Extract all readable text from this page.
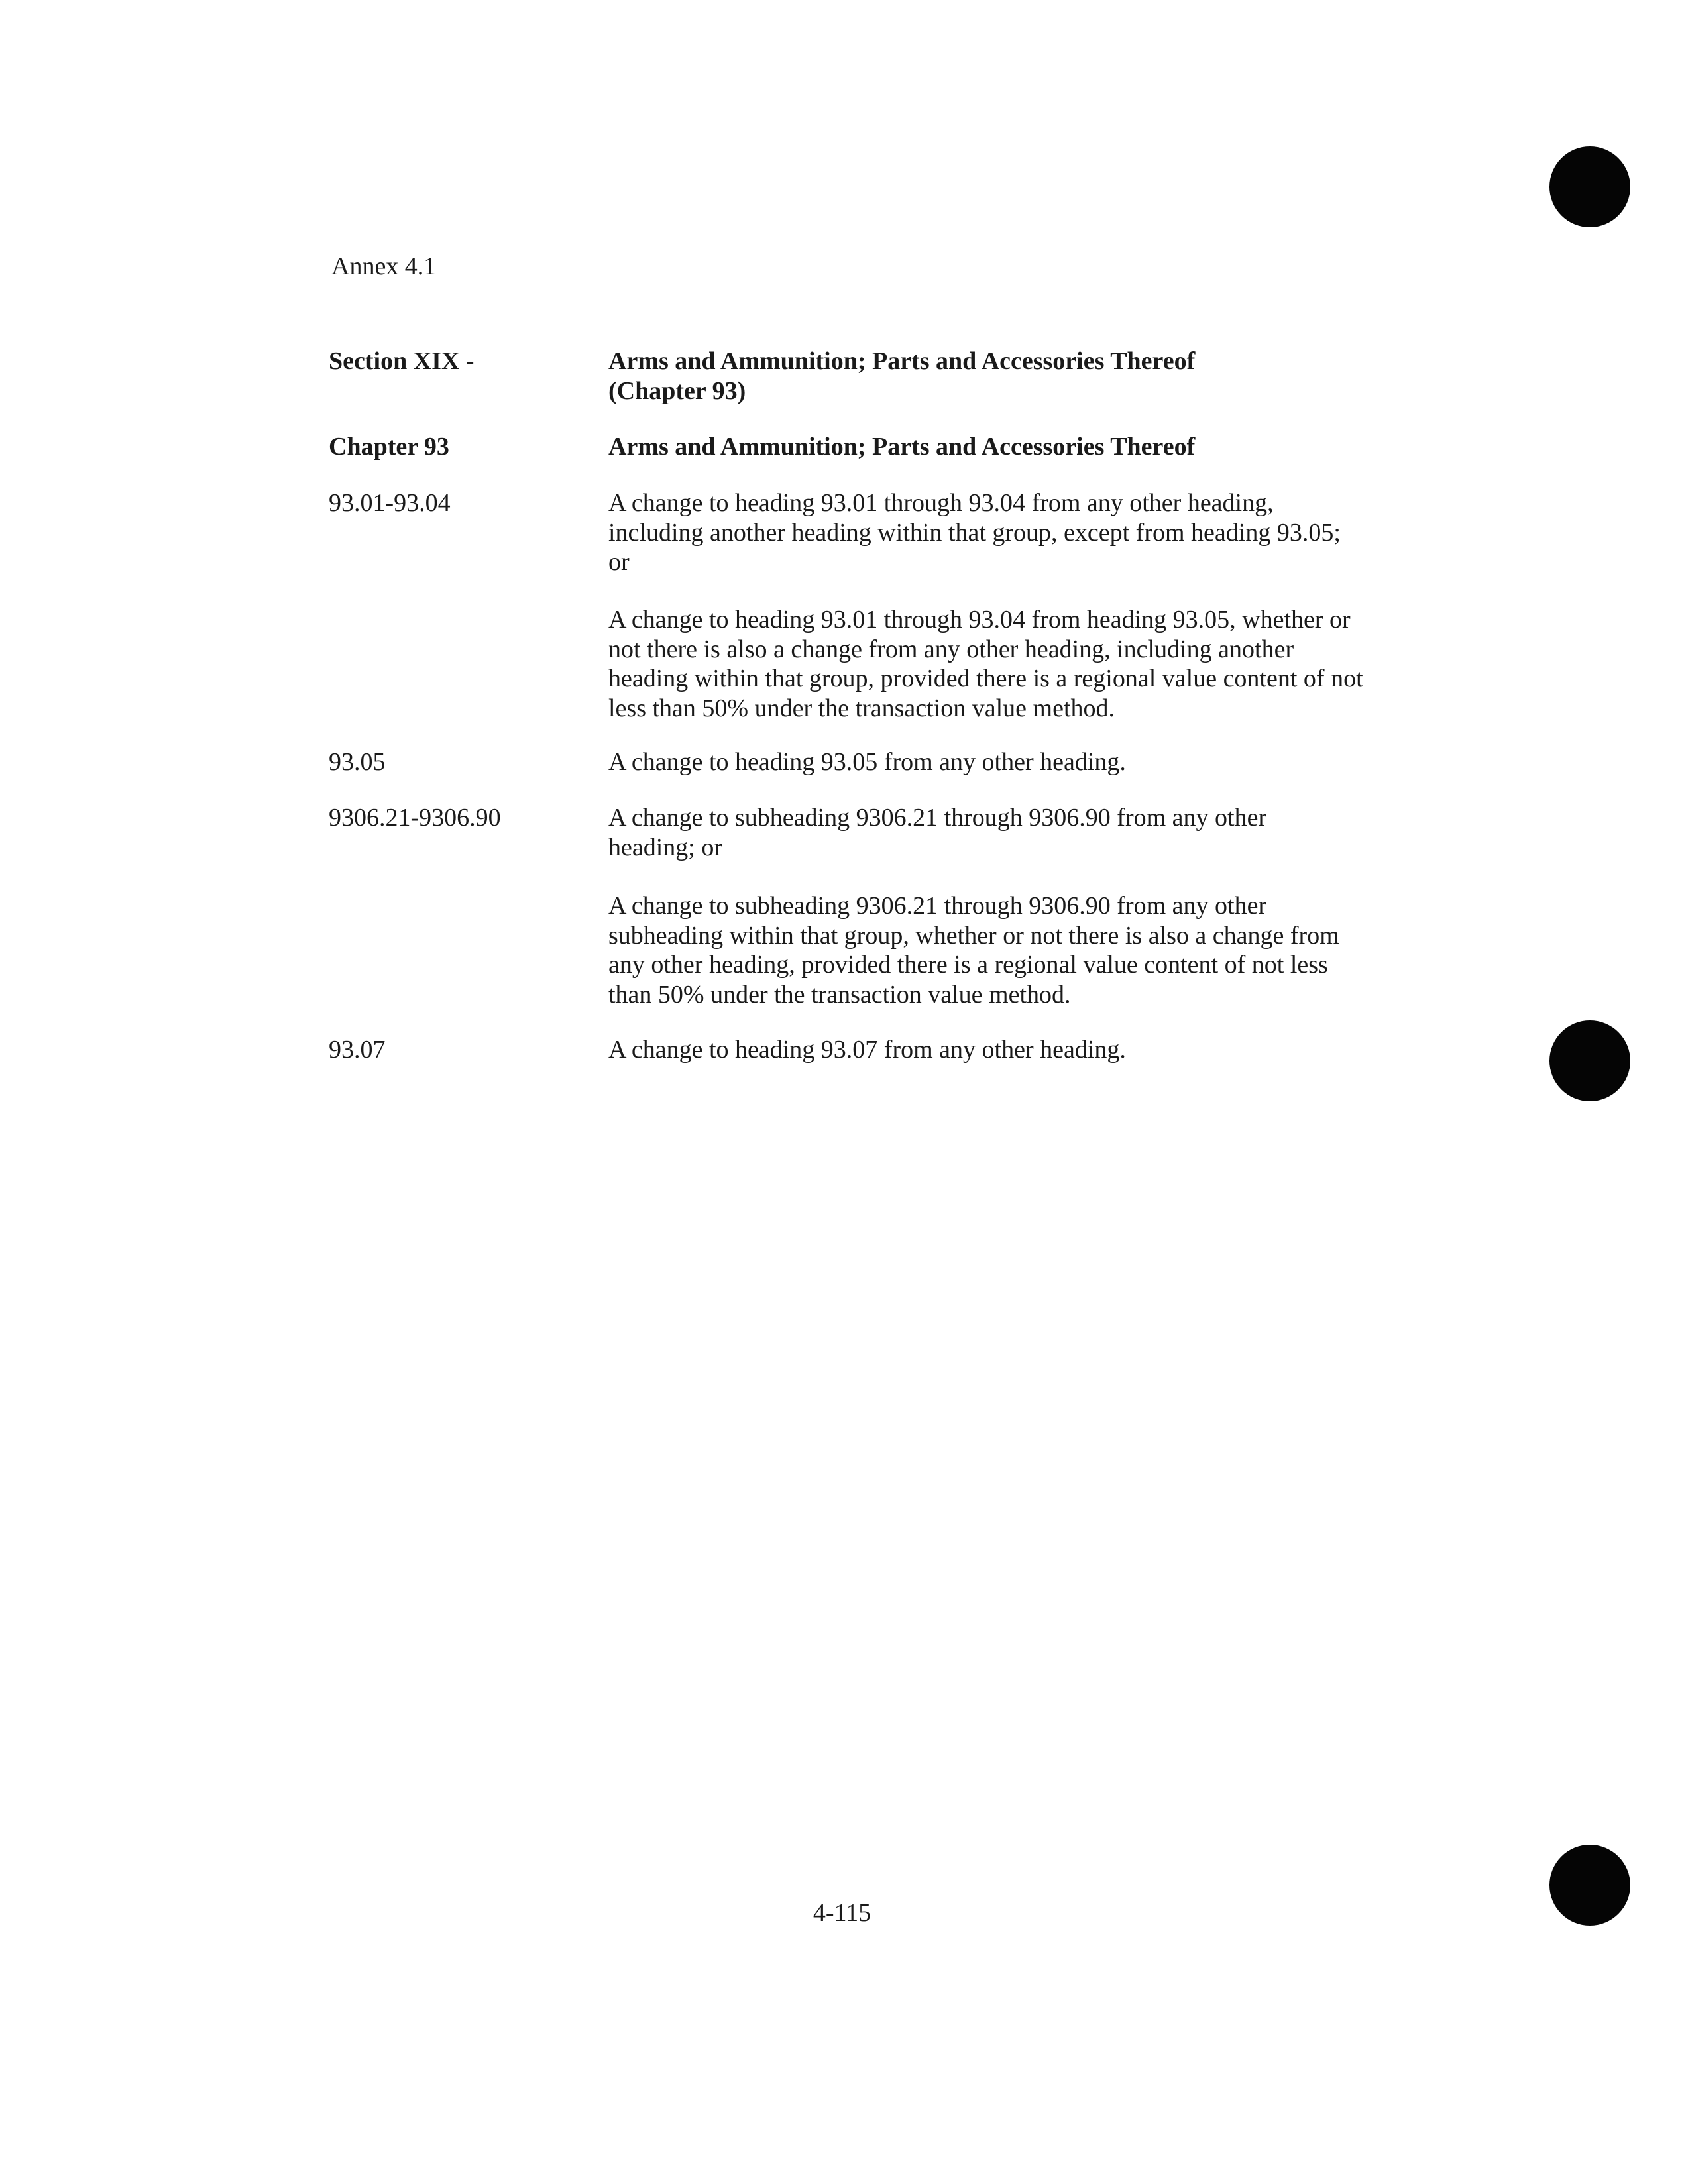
Annex 4.1
Section XIX -	Arms and Ammunition; Parts and Accessories Thereof (Chapter 93)
Chapter 93	Arms and Ammunition; Parts and Accessories Thereof
93.01-93.04	A change to heading 93.01 through 93.04 from any other heading, including another heading within that group, except from heading 93.05; or
A change to heading 93.01 through 93.04 from heading 93.05, whether or not there is also a change from any other heading, including another heading within that group, provided there is a regional value content of not less than 50% under the transaction value method.
93.05	A change to heading 93.05 from any other heading.
9306.21-9306.90	A change to subheading 9306.21 through 9306.90 from any other heading; or
A change to subheading 9306.21 through 9306.90 from any other subheading within that group, whether or not there is also a change from any other heading, provided there is a regional value content of not less than 50% under the transaction value method.
93.07	A change to heading 93.07 from any other heading.
4-115
